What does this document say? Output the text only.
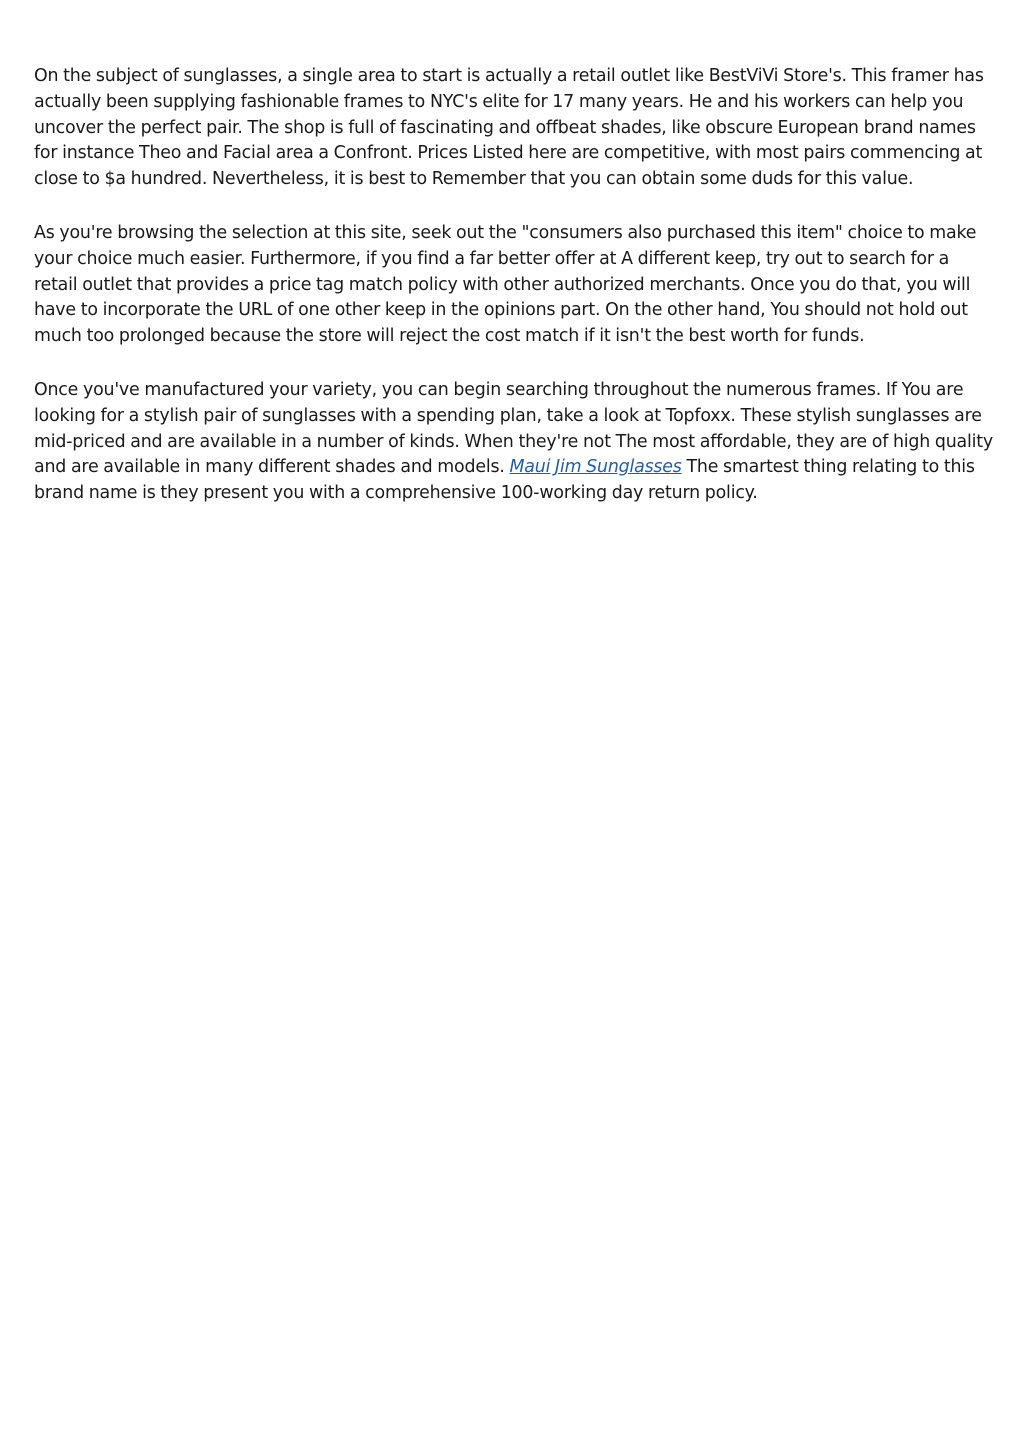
On the subject of sunglasses, a single area to start is actually a retail outlet like BestViVi Store's. This framer has actually been supplying fashionable frames to NYC's elite for 17 many years. He and his workers can help you uncover the perfect pair. The shop is full of fascinating and offbeat shades, like obscure European brand names for instance Theo and Facial area a Confront. Prices Listed here are competitive, with most pairs commencing at close to $a hundred. Nevertheless, it is best to Remember that you can obtain some duds for this value.

As you're browsing the selection at this site, seek out the "consumers also purchased this item" choice to make your choice much easier. Furthermore, if you find a far better offer at A different keep, try out to search for a retail outlet that provides a price tag match policy with other authorized merchants. Once you do that, you will have to incorporate the URL of one other keep in the opinions part. On the other hand, You should not hold out much too prolonged because the store will reject the cost match if it isn't the best worth for funds.

Once you've manufactured your variety, you can begin searching throughout the numerous frames. If You are looking for a stylish pair of sunglasses with a spending plan, take a look at Topfoxx. These stylish sunglasses are mid-priced and are available in a number of kinds. When they're not The most affordable, they are of high quality and are available in many different shades and models. Maui Jim Sunglasses The smartest thing relating to this brand name is they present you with a comprehensive 100-working day return policy.
